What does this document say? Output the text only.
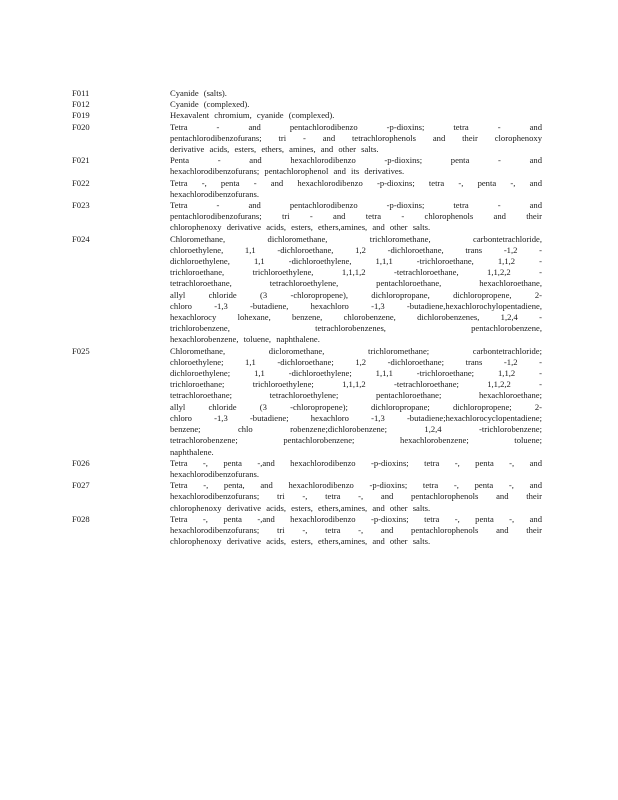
F011	Cyanide (salts).
F012	Cyanide (complexed).
F019	Hexavalent chromium, cyanide (complexed).
F020	Tetra - and pentachlorodibenzo -p-dioxins; tetra - and
pentachlorodibenzofurans; tri - and tetrachlorophenols and their clorophenoxy
derivative acids, esters, ethers, amines, and other salts.
F021	Penta - and hexachlorodibenzo -p-dioxins; penta - and
hexachlorodibenzofurans; pentachlorophenol and its derivatives.
F022	Tetra -, penta - and hexachlorodibenzo -p-dioxins; tetra -, penta -, and
hexachlorodibenzofurans.
F023	Tetra - and pentachlorodibenzo -p-dioxins; tetra - and
pentachlorodibenzofurans; tri - and tetra - chlorophenols and their
chlorophenoxy derivative acids, esters, ethers,amines, and other salts.
F024	Chloromethane, dichloromethane, trichloromethane, carbontetrachloride,
chloroethylene, 1,1 -dichloroethane, 1,2 -dichloroethane, trans -1,2 -
dichloroethylene, 1,1 -dichloroethylene, 1,1,1 -trichloroethane, 1,1,2 -
trichloroethane, trichloroethylene, 1,1,1,2 -tetrachloroethane, 1,1,2,2 -
tetrachloroethane, tetrachloroethylene, pentachloroethane, hexachloroethane,
allyl chloride (3 -chloropropene), dichloropropane, dichloropropene, 2-
chloro -1,3 -butadiene, hexachloro -1,3 -butadiene,hexachlorochylopentadiene,
hexachlorocy lohexane, benzene, chlorobenzene, dichlorobenzenes, 1,2,4 -
trichlorobenzene, tetrachlorobenzenes, pentachlorobenzene,
hexachlorobenzene, toluene, naphthalene.
F025	Chloromethane, dicloromethane, trichloromethane; carbontetrachloride;
chloroethylene; 1,1 -dichloroethane; 1,2 -dichloroethane; trans -1,2 -
dichloroethylene; 1,1 -dichloroethylene; 1,1,1 -trichloroethane; 1,1,2 -
trichloroethane; trichloroethylene; 1,1,1,2 -tetrachloroethane; 1,1,2,2 -
tetrachloroethane; tetrachloroethylene; pentachloroethane; hexachloroethane;
allyl chloride (3 -chloropropene); dichloropropane; dichloropropene; 2-
chloro -1,3 -butadiene; hexachloro -1,3 -butadiene;hexachlorocyclopentadiene;
benzene; chlo robenzene;dichlorobenzene; 1,2,4 -trichlorobenzene;
tetrachlorobenzene; pentachlorobenzene; hexachlorobenzene; toluene;
naphthalene.
F026	Tetra -, penta -,and hexachlorodibenzo -p-dioxins; tetra -, penta -, and
hexachlorodibenzofurans.
F027	Tetra -, penta, and hexachlorodibenzo -p-dioxins; tetra -, penta -, and
hexachlorodibenzofurans; tri -, tetra -, and pentachlorophenols and their
chlorophenoxy derivative acids, esters, ethers,amines, and other salts.
F028	Tetra -, penta -,and hexachlorodibenzo -p-dioxins; tetra -, penta -, and
hexachlorodibenzofurans; tri -, tetra -, and pentachlorophenols and their
chlorophenoxy derivative acids, esters, ethers,amines, and other salts.
